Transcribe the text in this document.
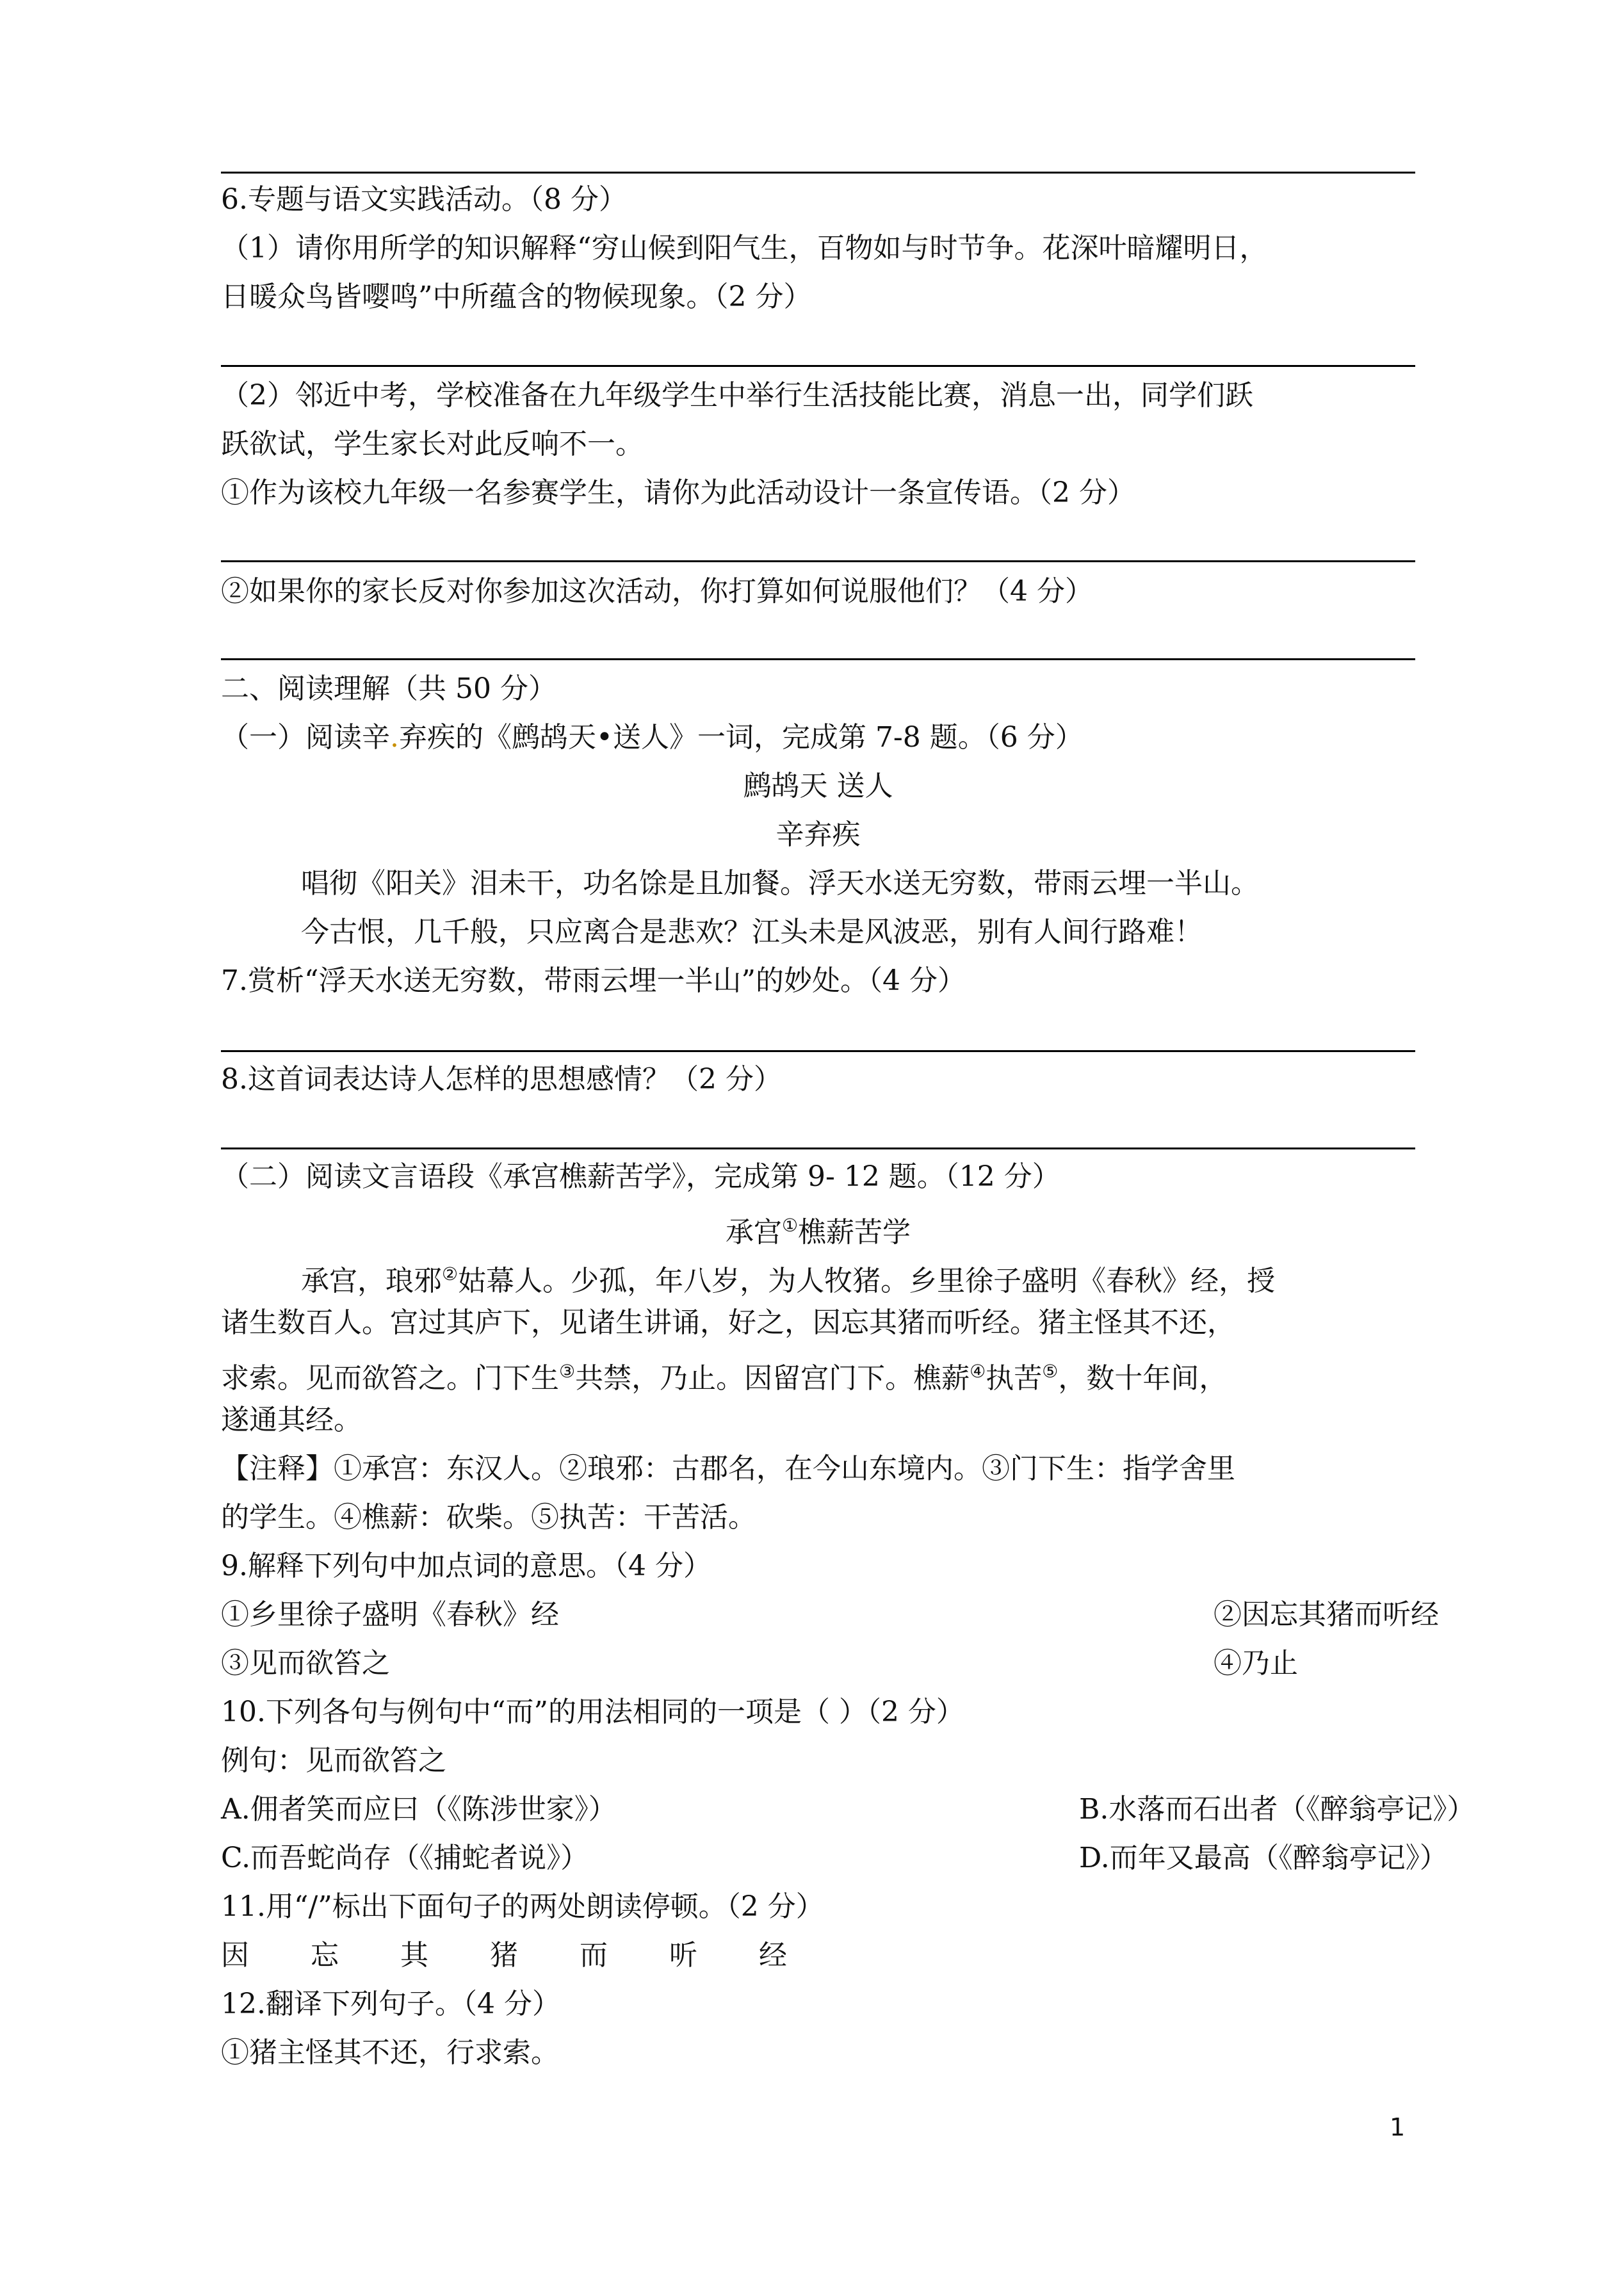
6.专题与语文实践活动。（8 分）
（1）请你用所学的知识解释“穷山候到阳气生，百物如与时节争。花深叶暗耀明日，
日暖众鸟皆嘤鸣”中所蕴含的物候现象。（2 分）
（2）邻近中考，学校准备在九年级学生中举行生活技能比赛，消息一出，同学们跃
跃欲试，学生家长对此反响不一。
①作为该校九年级一名参赛学生，请你为此活动设计一条宣传语。（2 分）
②如果你的家长反对你参加这次活动，你打算如何说服他们？（4 分）
二、阅读理解（共 50 分）
（一）阅读辛.弃疾的《鹧鸪天•送人》一词，完成第 7-8 题。（6 分）
鹧鸪天 送人
辛弃疾
唱彻《阳关》泪未干，功名馀是且加餐。浮天水送无穷数，带雨云埋一半山。
今古恨，几千般，只应离合是悲欢？江头未是风波恶，别有人间行路难！
7.赏析“浮天水送无穷数，带雨云埋一半山”的妙处。（4 分）
8.这首词表达诗人怎样的思想感情？（2 分）
（二）阅读文言语段《承宫樵薪苦学》，完成第 9- 12 题。（12 分）
承宫①樵薪苦学
承宫，琅邪②姑幕人。少孤，年八岁，为人牧猪。乡里徐子盛明《春秋》经，授
诸生数百人。宫过其庐下，见诸生讲诵，好之，因忘其猪而听经。猪主怪其不还，
求索。见而欲笞之。门下生③共禁，乃止。因留宫门下。樵薪④执苦⑤，数十年间，
遂通其经。
【注释】①承宫：东汉人。②琅邪：古郡名，在今山东境内。③门下生：指学舍里
的学生。④樵薪：砍柴。⑤执苦：干苦活。
9.解释下列句中加点词的意思。（4 分）
①乡里徐子盛明《春秋》经	②因忘其猪而听经
③见而欲笞之	④乃止
10.下列各句与例句中“而”的用法相同的一项是（ ）（2 分）
例句：见而欲笞之
A.佣者笑而应曰（《陈涉世家》）	B.水落而石出者（《醉翁亭记》）
C.而吾蛇尚存（《捕蛇者说》）	D.而年又最高（《醉翁亭记》）
11.用“/”标出下面句子的两处朗读停顿。（2 分）
因 忘 其 猪 而 听 经
12.翻译下列句子。（4 分）
①猪主怪其不还，行求索。
1
